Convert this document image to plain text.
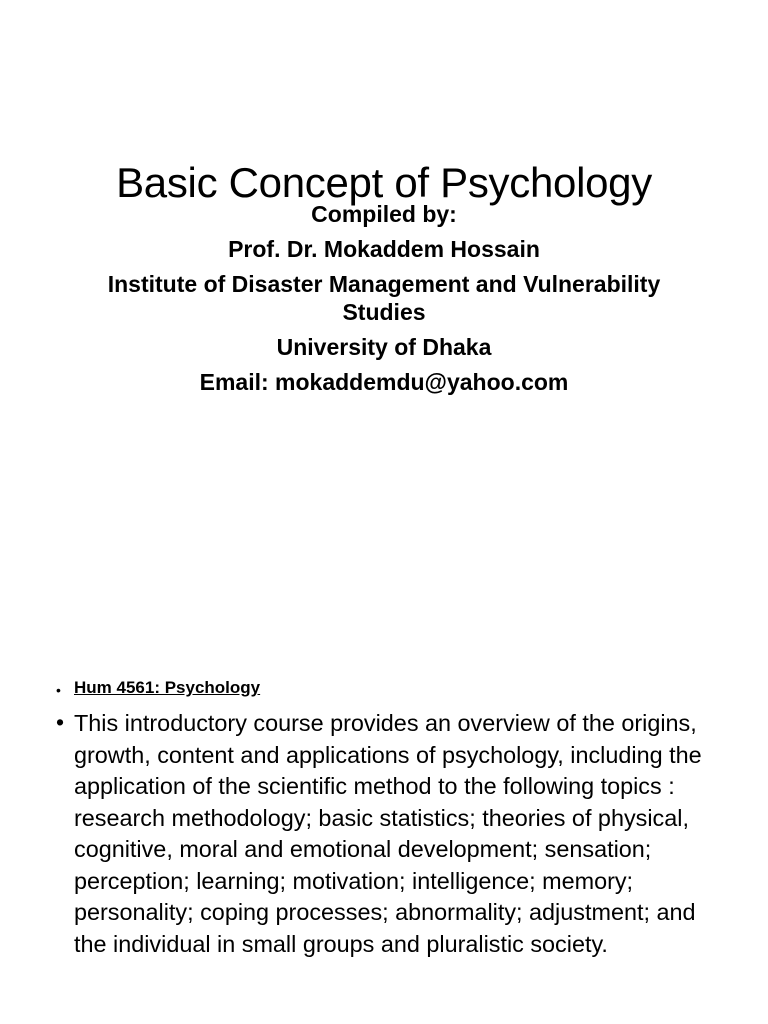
Basic Concept of Psychology
Compiled by:
Prof. Dr. Mokaddem Hossain
Institute of Disaster Management and Vulnerability Studies
University of Dhaka
Email: mokaddemdu@yahoo.com
• Hum 4561: Psychology
• This introductory course provides an overview of the origins, growth, content and applications of psychology, including the application of the scientific method to the following topics : research methodology; basic statistics; theories of physical, cognitive, moral and emotional development; sensation; perception; learning; motivation; intelligence; memory; personality; coping processes; abnormality; adjustment; and the individual in small groups and pluralistic society.
